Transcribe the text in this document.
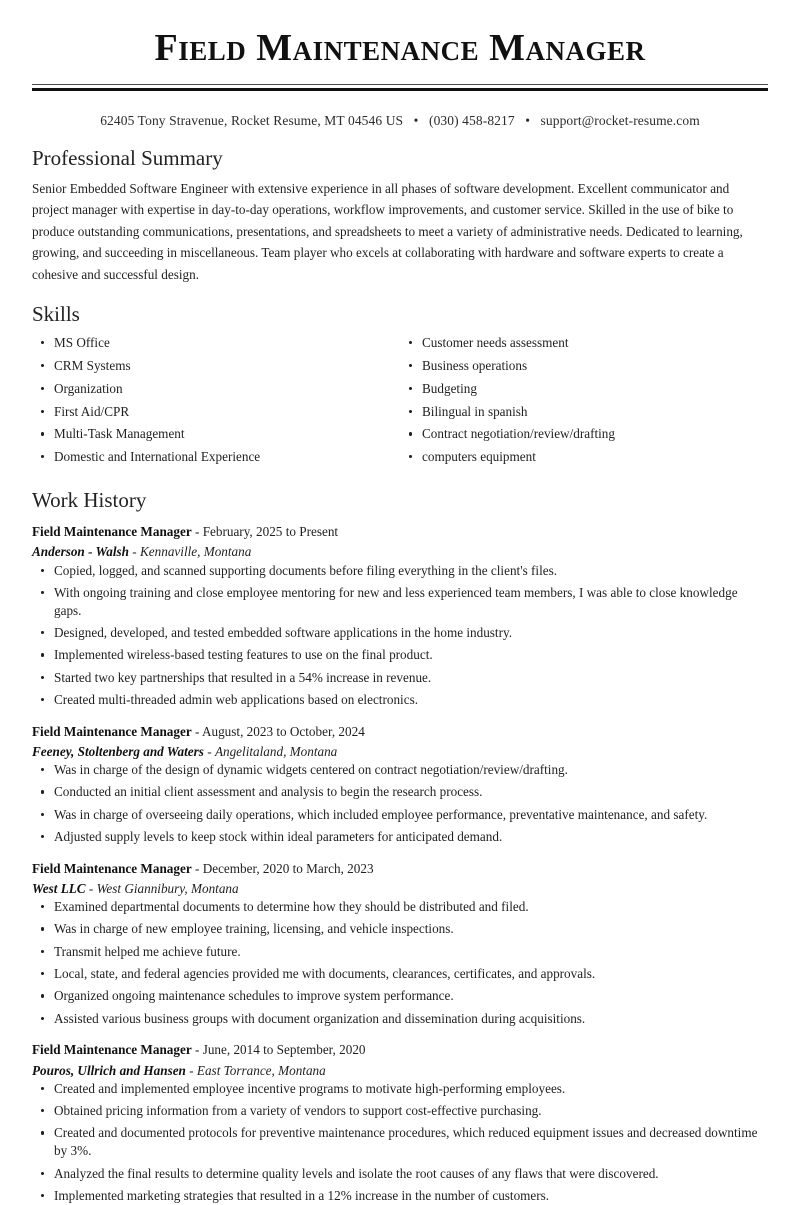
Field Maintenance Manager
62405 Tony Stravenue, Rocket Resume, MT 04546 US • (030) 458-8217 • support@rocket-resume.com
Professional Summary

Senior Embedded Software Engineer with extensive experience in all phases of software development. Excellent communicator and project manager with expertise in day-to-day operations, workflow improvements, and customer service. Skilled in the use of bike to produce outstanding communications, presentations, and spreadsheets to meet a variety of administrative needs. Dedicated to learning, growing, and succeeding in miscellaneous. Team player who excels at collaborating with hardware and software experts to create a cohesive and successful design.

Skills
MS Office
CRM Systems
Organization
First Aid/CPR
Multi-Task Management
Domestic and International Experience
Customer needs assessment
Business operations
Budgeting
Bilingual in spanish
Contract negotiation/review/drafting
computers equipment
Work History
Field Maintenance Manager - February, 2025 to Present
Anderson - Walsh - Kennaville, Montana
Copied, logged, and scanned supporting documents before filing everything in the client's files.
With ongoing training and close employee mentoring for new and less experienced team members, I was able to close knowledge gaps.
Designed, developed, and tested embedded software applications in the home industry.
Implemented wireless-based testing features to use on the final product.
Started two key partnerships that resulted in a 54% increase in revenue.
Created multi-threaded admin web applications based on electronics.
Field Maintenance Manager - August, 2023 to October, 2024
Feeney, Stoltenberg and Waters - Angelitaland, Montana
Was in charge of the design of dynamic widgets centered on contract negotiation/review/drafting.
Conducted an initial client assessment and analysis to begin the research process.
Was in charge of overseeing daily operations, which included employee performance, preventative maintenance, and safety.
Adjusted supply levels to keep stock within ideal parameters for anticipated demand.
Field Maintenance Manager - December, 2020 to March, 2023
West LLC - West Giannibury, Montana
Examined departmental documents to determine how they should be distributed and filed.
Was in charge of new employee training, licensing, and vehicle inspections.
Transmit helped me achieve future.
Local, state, and federal agencies provided me with documents, clearances, certificates, and approvals.
Organized ongoing maintenance schedules to improve system performance.
Assisted various business groups with document organization and dissemination during acquisitions.
Field Maintenance Manager - June, 2014 to September, 2020
Pouros, Ullrich and Hansen - East Torrance, Montana
Created and implemented employee incentive programs to motivate high-performing employees.
Obtained pricing information from a variety of vendors to support cost-effective purchasing.
Created and documented protocols for preventive maintenance procedures, which reduced equipment issues and decreased downtime by 3%.
Analyzed the final results to determine quality levels and isolate the root causes of any flaws that were discovered.
Implemented marketing strategies that resulted in a 12% increase in the number of customers.
